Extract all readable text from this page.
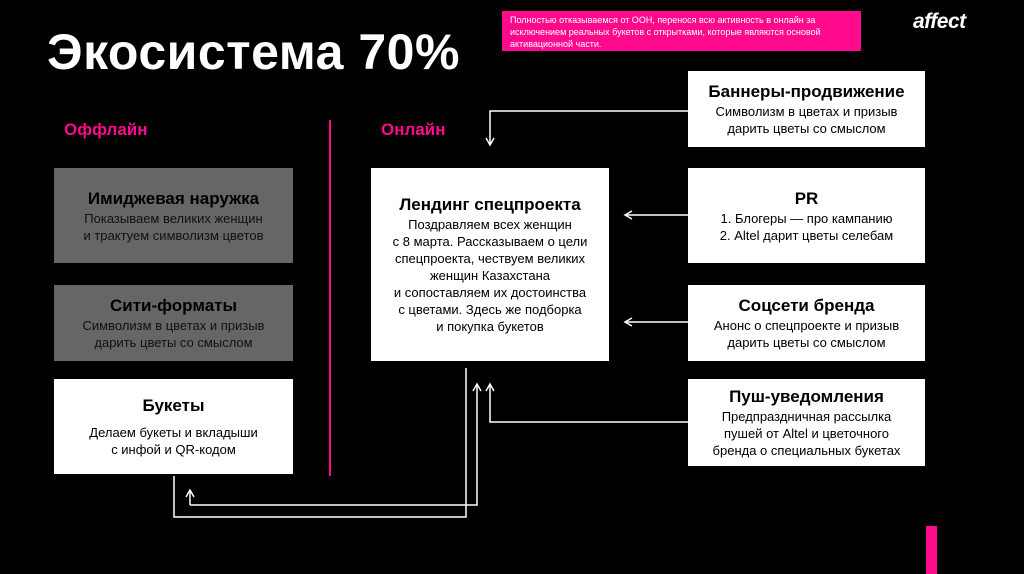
Экосистема 70%
Полностью отказываемся от ООН, перенося всю активность в онлайн за исключением реальных букетов с открытками, которые являются основой активационной части.
affect
Оффлайн	Онлайн
Имиджевая наружка
Показываем великих женщин
и трактуем символизм цветов
Сити-форматы
Символизм в цветах и призыв
дарить цветы со смыслом
Букеты
Делаем букеты и вкладыши
с инфой и QR-кодом
Лендинг спецпроекта
Поздравляем всех женщин
с 8 марта. Рассказываем о цели
спецпроекта, чествуем великих
женщин Казахстана
и сопоставляем их достоинства
с цветами. Здесь же подборка
и покупка букетов
Баннеры-продвижение
Символизм в цветах и призыв
дарить цветы со смыслом
PR
1. Блогеры — про кампанию
2. Altel дарит цветы селебам
Соцсети бренда
Анонс о спецпроекте и призыв
дарить цветы со смыслом
Пуш-уведомления
Предпраздничная рассылка
пушей от Altel и цветочного
бренда о специальных букетах
